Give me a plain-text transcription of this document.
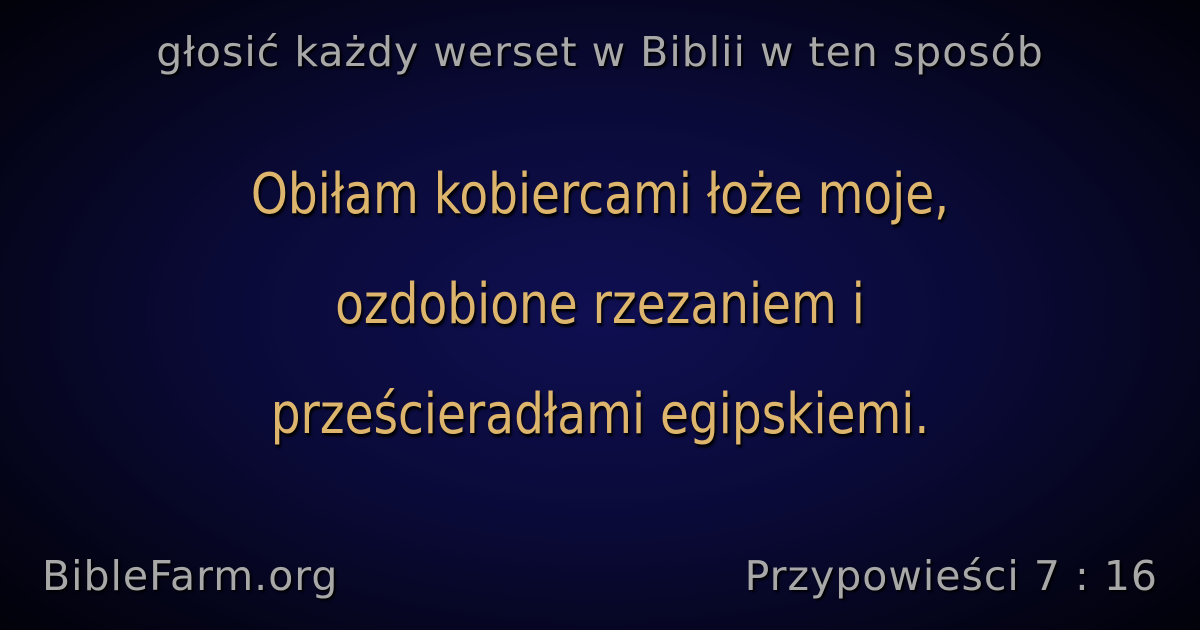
głosić każdy werset w Biblii w ten sposób
Obiłam kobiercami łoże moje,
ozdobione rzezaniem i
prześcieradłami egipskiemi.
BibleFarm.org	Przypowieści 7 : 16
